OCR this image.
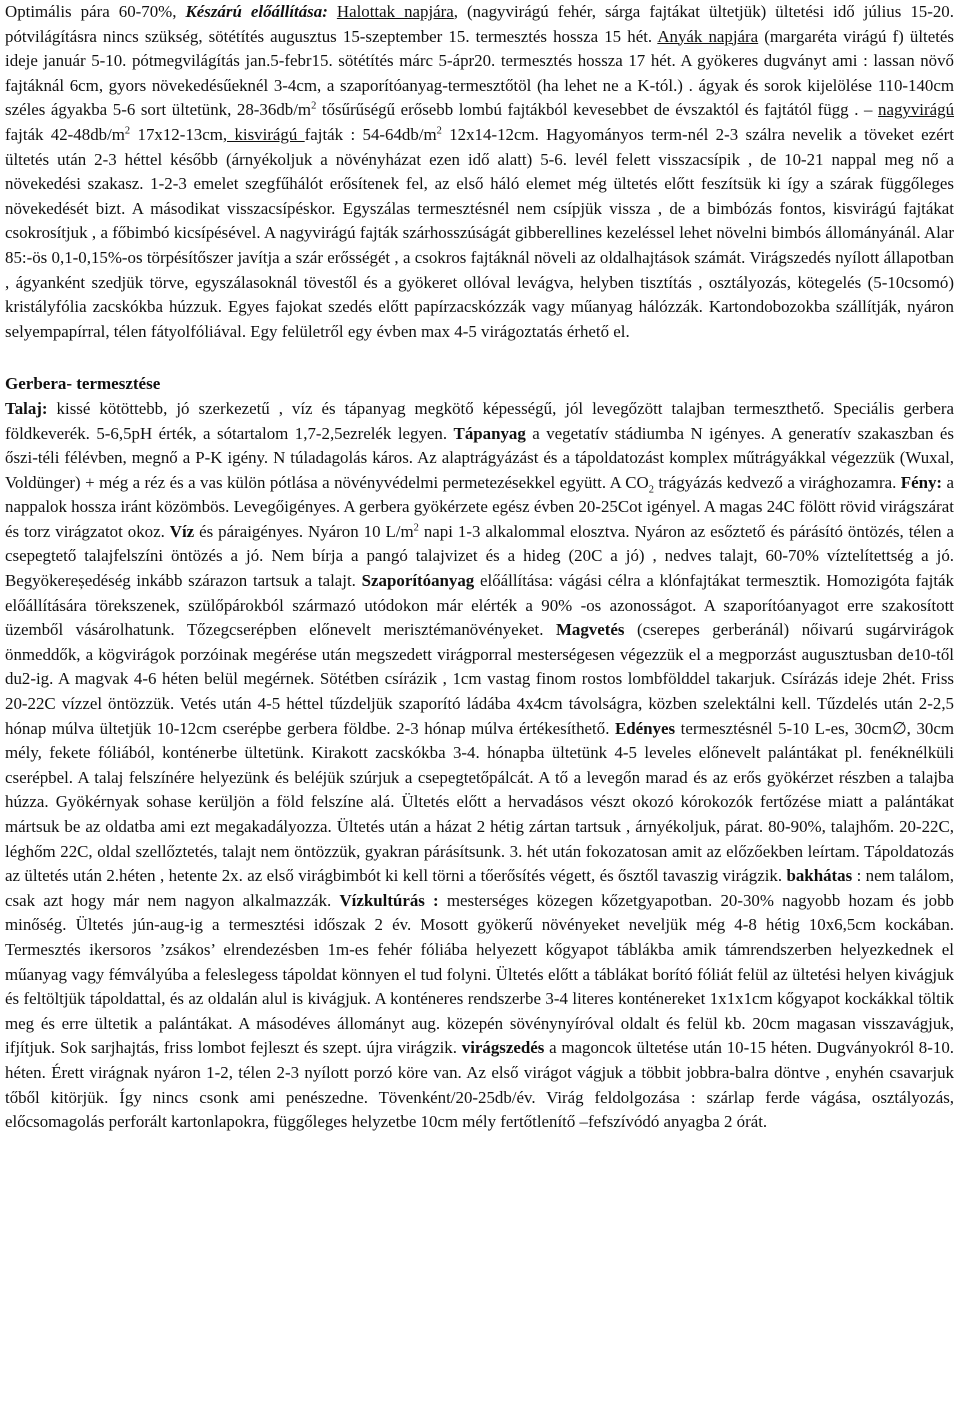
Optimális pára 60-70%, Készárú előállítása: Halottak napjára, (nagyvirágú fehér, sárga fajtákat ültetjük) ültetési idő július 15-20. pótvilágításra nincs szükség, sötétítés augusztus 15-szeptember 15. termesztés hossza 15 hét. Anyák napjára (margaréta virágú f) ültetés ideje január 5-10. pótmegvilágítás jan.5-febr15. sötétítés márc 5-ápr20. termesztés hossza 17 hét. A gyökeres dugványt ami : lassan növő fajtáknál 6cm, gyors növekedésűeknél 3-4cm, a szaporítóanyag-termesztőtöl (ha lehet ne a K-tól.) . ágyak és sorok kijelölése 110-140cm széles ágyakba 5-6 sort ültetünk, $28-36db/m^2$ tősűrűségű erősebb lombú fajtákból kevesebbet de évszaktól és fajtától függ . – nagyvirágú fajták $42-48db/m^2$ 17x12-13cm, kisvirágú fajták : $54-64db/m^2$ 12x14-12cm. Hagyományos term-nél 2-3 szálra nevelik a töveket ezért ültetés után 2-3 héttel később (árnyékoljuk a növényházat ezen idő alatt) 5-6. levél felett visszacsípik , de 10-21 nappal meg nő a növekedési szakasz. 1-2-3 emelet szegfűhálót erősítenek fel, az első háló elemet még ültetés előtt feszítsük ki így a szárak függőleges növekedését bizt. A másodikat visszacsípéskor. Egyszálas termesztésnél nem csípjük vissza , de a bimbózás fontos, kisvirágú fajtákat csokrosítjuk , a főbimbó kicsípésével. A nagyvirágú fajták szárhosszúságát gibberellines kezeléssel lehet növelni bimbós állományánál. Alar 85:-ös 0,1-0,15%-os törpésítőszer javítja a szár erősségét , a csokros fajtáknál növeli az oldalhajtások számát. Virágszedés nyílott állapotban , ágyanként szedjük törve, egyszálasoknál tövestől és a gyökeret ollóval levágva, helyben tisztítás , osztályozás, kötegelés (5-10csomó) kristályfólia zacskókba húzzuk. Egyes fajokat szedés előtt papírzacskózzák vagy műanyag hálózzák. Kartondobozokba szállítják, nyáron selyempapírral, télen fátyolfóliával. Egy felületről egy évben max 4-5 virágoztatás érhető el.

Gerbera- termesztése

Talaj: kissé kötöttebb, jó szerkezetű , víz és tápanyag megkötő képességű, jól levegőzött talajban termeszthető. Speciális gerbera földkeverék. 5-6,5pH érték, a sótartalom 1,7-2,5ezrelék legyen. Tápanyag a vegetatív stádiumba N igényes. A generatív szakaszban és őszi-téli félévben, megnő a P-K igény. N túladagolás káros. Az alaptrágyázást és a tápoldatozást komplex műtrágyákkal végezzük (Wuxal, Voldünger) + még a réz és a vas külön pótlása a növényvédelmi permetezésekkel együtt. A $CO_2$ trágyázás kedvező a virághozamra. Fény: a nappalok hossza iránt közömbös. Levegőigényes. A gerbera gyökérzete egész évben 20-25Cot igényel. A magas 24C fölött rövid virágszárat és torz virágzatot okoz. Víz és páraigényes. Nyáron 10 $L/m^2$ napi 1-3 alkalommal elosztva. Nyáron az esőztető és párásító öntözés, télen a csepegtető talajfelszíni öntözés a jó. Nem bírja a pangó talajvizet és a hideg (20C a jó) , nedves talajt, 60-70% víztelítettség a jó. Begyökereședéség inkább szárazon tartsuk a talajt. Szaporítóanyag előállítása: vágási célra a klónfajtákat termesztik. Homozigóta fajták előállítására törekszenek, szülőpárokból származó utódokon már elérték a 90% -os azonosságot. A szaporítóanyagot erre szakosított üzemből vásárolhatunk. Tőzegcserépben előnevelt merisztémanövényeket. Magvetés (cserepes gerberánál) nőivarú sugárvirágok önmeddők, a kögvirágok porzóinak megérése után megszedett virágporral mesterségesen végezzük el a megporzást augusztusban de10-től du2-ig. A magvak 4-6 héten belül megérnek. Sötétben csírázik , 1cm vastag finom rostos lombfölddel takarjuk. Csírázás ideje 2hét. Friss 20-22C vízzel öntözzük. Vetés után 4-5 héttel tűzdeljük szaporító ládába 4x4cm távolságra, közben szelektálni kell. Tűzdelés után 2-2,5 hónap múlva ültetjük 10-12cm cserépbe gerbera földbe. 2-3 hónap múlva értékesíthető. Edényes termesztésnél 5-10 L-es, 30cm∅, 30cm mély, fekete fóliából, konténerbe ültetünk. Kirakott zacskókba 3-4. hónapba ültetünk 4-5 leveles előnevelt palántákat pl. fenéknélküli cserépbel. A talaj felszínére helyezünk és beléjük szúrjuk a csepegtetőpálcát. A tő a levegőn marad és az erős gyökérzet részben a talajba húzza. Gyökérnyak sohase kerüljön a föld felszíne alá. Ültetés előtt a hervadásos vészt okozó kórokozók fertőzése miatt a palántákat mártsuk be az oldatba ami ezt megakadályozza. Ültetés után a házat 2 hétig zártan tartsuk , árnyékoljuk, párat. 80-90%, talajhőm. 20-22C, léghőm 22C, oldal szellőztetés, talajt nem öntözzük, gyakran párásítsunk. 3. hét után fokozatosan amit az előzőekben leírtam. Tápoldatozás az ültetés után 2.héten , hetente 2x. az első virágbimbót ki kell törni a tőerősítés végett, és ősztől tavaszig virágzik. bakhátas : nem találom, csak azt hogy már nem nagyon alkalmazzák. Vízkultúrás : mesterséges közegen kőzetgyapotban. 20-30% nagyobb hozam és jobb minőség. Ültetés jún-aug-ig a termesztési időszak 2 év. Mosott gyökerű növényeket neveljük még 4-8 hétig 10x6,5cm kockában. Termesztés ikersoros ’zsákos’ elrendezésben 1m-es fehér fóliába helyezett kőgyapot táblákba amik támrendszerben helyezkednek el műanyag vagy fémvályúba a feleslegess tápoldat könnyen el tud folyni. Ültetés előtt a táblákat borító fóliát felül az ültetési helyen kivágjuk és feltöltjük tápoldattal, és az oldalán alul is kivágjuk. A konténeres rendszerbe 3-4 literes konténereket 1x1x1cm kőgyapot kockákkal töltik meg és erre ültetik a palántákat. A másodéves állományt aug. közepén sövénynyíróval oldalt és felül kb. 20cm magasan visszavágjuk, ifjítjuk. Sok sarjhajtás, friss lombot fejleszt és szept. újra virágzik. virágszedés a magoncok ültetése után 10-15 héten. Dugványokról 8-10. héten. Érett virágnak nyáron 1-2, télen 2-3 nyílott porzó köre van. Az első virágot vágjuk a többit jobbra-balra döntve , enyhén csavarjuk tőből kitörjük. Így nincs csonk ami penészedne. Tövenként/20-25db/év. Virág feldolgozása : szárlap ferde vágása, osztályozás, előcsomagolás perforált kartonlapokra, függőleges helyzetbe 10cm mély fertőtlenítő –fefszívódó anyagba 2 órát.
